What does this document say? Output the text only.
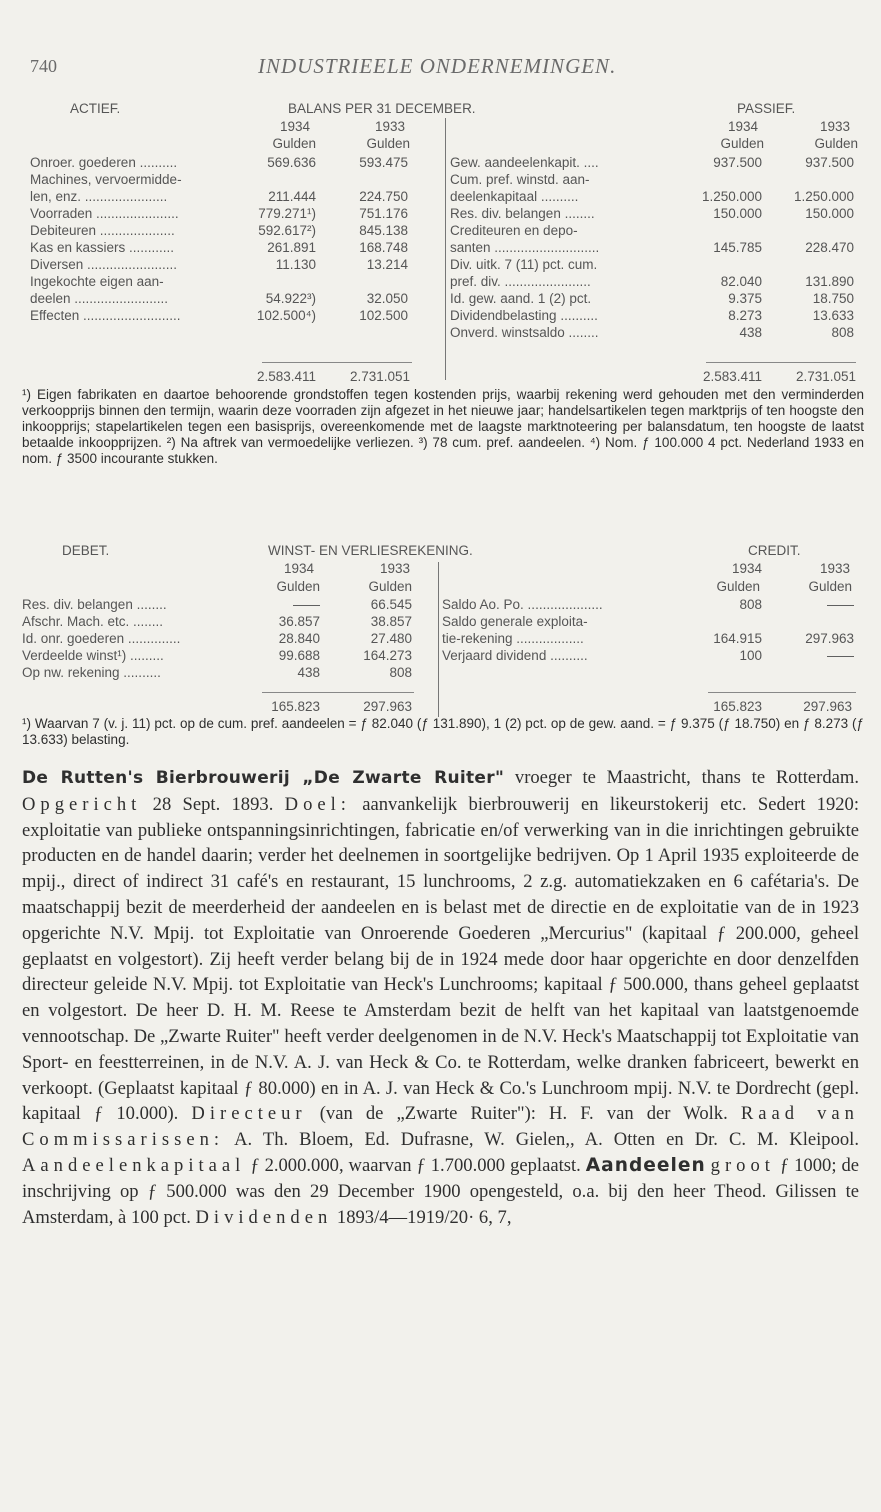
740	INDUSTRIEELE ONDERNEMINGEN.
ACTIEF.	BALANS PER 31 DECEMBER.	PASSIEF.
1934	1933	1934	1933
Gulden	Gulden	Gulden	Gulden
Onroer. goederen ..........	569.636	593.475
Machines, vervoermidde-
len, enz. ......................	211.444	224.750
Voorraden ......................	779.271¹)	751.176
Debiteuren ....................	592.617²)	845.138
Kas en kassiers ............	261.891	168.748
Diversen ........................	11.130	13.214
Ingekochte eigen aan-
deelen .........................	54.922³)	32.050
Effecten ..........................	102.500⁴)	102.500
Gew. aandeelenkapit. ....	937.500	937.500
Cum. pref. winstd. aan-
deelenkapitaal ..........	1.250.000	1.250.000
Res. div. belangen ........	150.000	150.000
Crediteuren en depo-
santen ............................	145.785	228.470
Div. uitk. 7 (11) pct. cum.
pref. div. .......................	82.040	131.890
Id. gew. aand. 1 (2) pct.	9.375	18.750
Dividendbelasting ..........	8.273	13.633
Onverd. winstsaldo ........	438	808
2.583.411	2.731.051	2.583.411	2.731.051
¹) Eigen fabrikaten en daartoe behoorende grondstoffen tegen kostenden prijs, waarbij rekening werd gehouden met den verminderden verkoopprijs binnen den termijn, waarin deze voorraden zijn afgezet in het nieuwe jaar; handelsartikelen tegen marktprijs of ten hoogste den inkoopprijs; stapelartikelen tegen een basisprijs, overeenkomende met de laagste marktnoteering per balansdatum, ten hoogste de laatst betaalde inkoopprijzen. ²) Na aftrek van vermoedelijke verliezen. ³) 78 cum. pref. aandeelen. ⁴) Nom. ƒ 100.000 4 pct. Nederland 1933 en nom. ƒ 3500 incourante stukken.
DEBET.	WINST- EN VERLIESREKENING.	CREDIT.
1934	1933	1934	1933
Gulden	Gulden	Gulden	Gulden
Res. div. belangen ........	——	66.545
Afschr. Mach. etc. ........	36.857	38.857
Id. onr. goederen ..............	28.840	27.480
Verdeelde winst¹) .........	99.688	164.273
Op nw. rekening ..........	438	808
Saldo Ao. Po. ....................	808	——
Saldo generale exploita-
tie-rekening ..................	164.915	297.963
Verjaard dividend ..........	100	——
165.823	297.963	165.823	297.963
¹) Waarvan 7 (v. j. 11) pct. op de cum. pref. aandeelen = ƒ 82.040 (ƒ 131.890), 1 (2) pct. op de gew. aand. = ƒ 9.375 (ƒ 18.750) en ƒ 8.273 (ƒ 13.633) belasting.
De Rutten's Bierbrouwerij „De Zwarte Ruiter" vroeger te Maastricht, thans te Rotterdam. Opgericht 28 Sept. 1893. Doel: aanvankelijk bierbrouwerij en likeurstokerij etc. Sedert 1920: exploitatie van publieke ontspanningsinrichtingen, fabricatie en/of verwerking van in die inrichtingen gebruikte producten en de handel daarin; verder het deelnemen in soortgelijke bedrijven. Op 1 April 1935 exploiteerde de mpij., direct of indirect 31 café's en restaurant, 15 lunchrooms, 2 z.g. automatiekzaken en 6 cafétaria's. De maatschappij bezit de meerderheid der aandeelen en is belast met de directie en de exploitatie van de in 1923 opgerichte N.V. Mpij. tot Exploitatie van Onroerende Goederen „Mercurius" (kapitaal ƒ 200.000, geheel geplaatst en volgestort). Zij heeft verder belang bij de in 1924 mede door haar opgerichte en door denzelfden directeur geleide N.V. Mpij. tot Exploitatie van Heck's Lunchrooms; kapitaal ƒ 500.000, thans geheel geplaatst en volgestort. De heer D. H. M. Reese te Amsterdam bezit de helft van het kapitaal van laatstgenoemde vennootschap. De „Zwarte Ruiter" heeft verder deelgenomen in de N.V. Heck's Maatschappij tot Exploitatie van Sport- en feestterreinen, in de N.V. A. J. van Heck & Co. te Rotterdam, welke dranken fabriceert, bewerkt en verkoopt. (Geplaatst kapitaal ƒ 80.000) en in A. J. van Heck & Co.'s Lunchroom mpij. N.V. te Dordrecht (gepl. kapitaal ƒ 10.000). Directeur (van de „Zwarte Ruiter"): H. F. van der Wolk. Raad van Commissarissen: A. Th. Bloem, Ed. Dufrasne, W. Gielen,, A. Otten en Dr. C. M. Kleipool. Aandeelenkapitaal ƒ 2.000.000, waarvan ƒ 1.700.000 geplaatst. Aandeelen groot ƒ 1000; de inschrijving op ƒ 500.000 was den 29 December 1900 opengesteld, o.a. bij den heer Theod. Gilissen te Amsterdam, à 100 pct. Dividenden 1893/4—1919/20· 6, 7,
